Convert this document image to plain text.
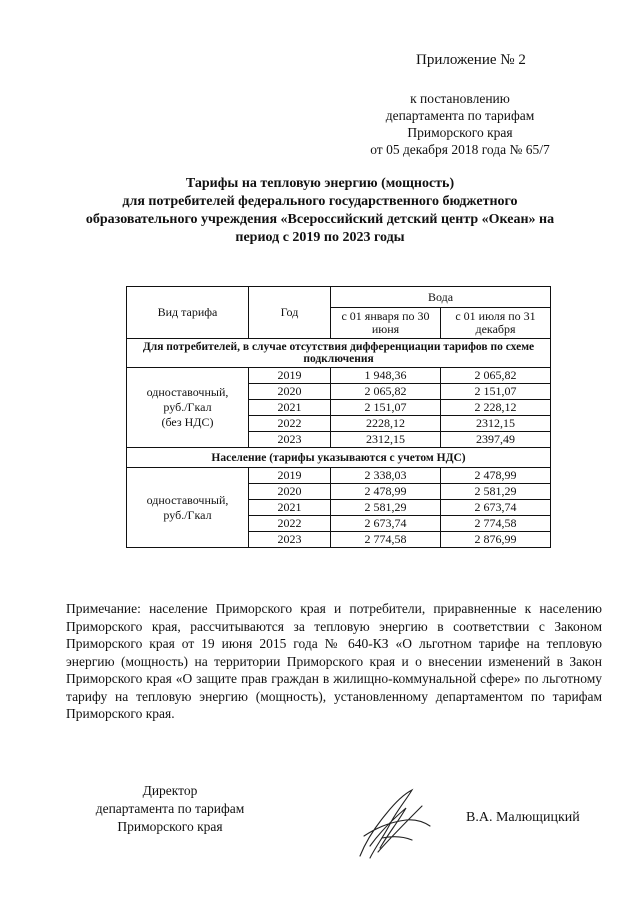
Приложение № 2
к постановлению
департамента по тарифам
Приморского края
от 05 декабря 2018 года № 65/7
Тарифы на тепловую энергию (мощность)
для потребителей федерального государственного бюджетного
образовательного учреждения «Всероссийский детский центр «Океан» на
период с 2019 по 2023 годы
Вид тарифа	Год	Вода	
		с 01 января по 30 июня	с 01 июля по 31 декабря
Для потребителей, в случае отсутствия дифференциации тарифов по схеме подключения			

одноставочный,
руб./Гкал
(без НДС)	2019	1 948,36	2 065,82
	2020	2 065,82	2 151,07
	2021	2 151,07	2 228,12
	2022	2228,12	2312,15
	2023	2312,15	2397,49
Население (тарифы указываются с учетом НДС)			

одноставочный,
руб./Гкал	2019	2 338,03	2 478,99
	2020	2 478,99	2 581,29
	2021	2 581,29	2 673,74
	2022	2 673,74	2 774,58
	2023	2 774,58	2 876,99
Примечание: население Приморского края и потребители, приравненные к населению Приморского края, рассчитываются за тепловую энергию в соответствии с Законом Приморского края от 19 июня 2015 года № 640-КЗ «О льготном тарифе на тепловую энергию (мощность) на территории Приморского края и о внесении изменений в Закон Приморского края «О защите прав граждан в жилищно-коммунальной сфере» по льготному тарифу на тепловую энергию (мощность), установленному департаментом по тарифам Приморского края.
Директор
департамента по тарифам
Приморского края
В.А. Малющицкий
